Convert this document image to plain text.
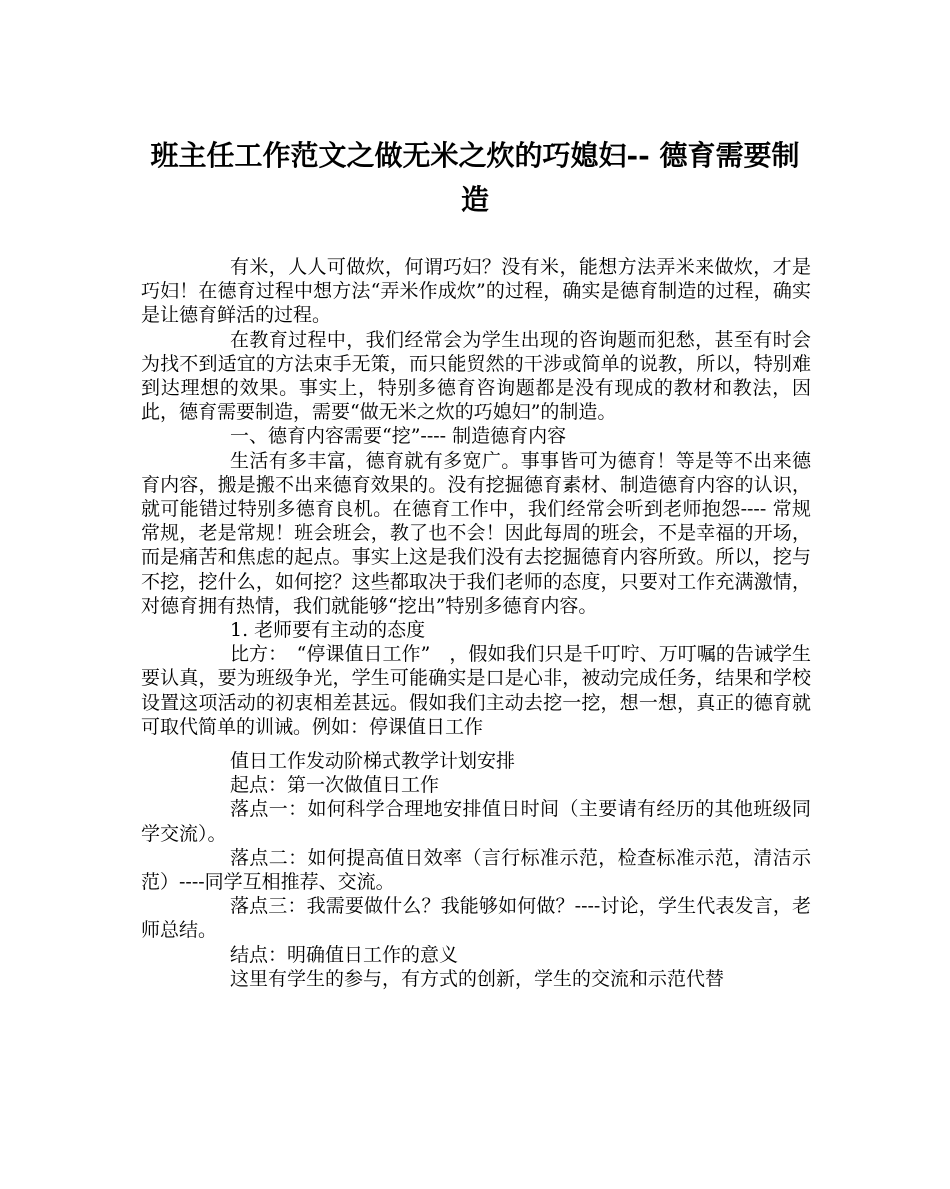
班主任工作范文之做无米之炊的巧媳妇-- 德育需要制
造

有米，人人可做炊，何谓巧妇？没有米，能想方法弄米来做炊，才是巧妇！在德育过程中想方法“弄米作成炊”的过程，确实是德育制造的过程，确实是让德育鲜活的过程。

在教育过程中，我们经常会为学生出现的咨询题而犯愁，甚至有时会为找不到适宜的方法束手无策，而只能贸然的干涉或简单的说教，所以，特别难到达理想的效果。事实上，特别多德育咨询题都是没有现成的教材和教法，因此，德育需要制造，需要“做无米之炊的巧媳妇”的制造。

一、德育内容需要“挖”---- 制造德育内容

生活有多丰富，德育就有多宽广。事事皆可为德育！等是等不出来德育内容，搬是搬不出来德育效果的。没有挖掘德育素材、制造德育内容的认识，就可能错过特别多德育良机。在德育工作中，我们经常会听到老师抱怨---- 常规常规，老是常规！班会班会，教了也不会！因此每周的班会，不是幸福的开场，而是痛苦和焦虑的起点。事实上这是我们没有去挖掘德育内容所致。所以，挖与不挖，挖什么，如何挖？这些都取决于我们老师的态度，只要对工作充满激情，对德育拥有热情，我们就能够“挖出”特别多德育内容。

1. 老师要有主动的态度

比方：　“停课值日工作”　，假如我们只是千叮咛、万叮嘱的告诫学生要认真，要为班级争光，学生可能确实是口是心非，被动完成任务，结果和学校设置这项活动的初衷相差甚远。假如我们主动去挖一挖，想一想，真正的德育就可取代简单的训诫。例如：停课值日工作

值日工作发动阶梯式教学计划安排

起点：第一次做值日工作

落点一：如何科学合理地安排值日时间（主要请有经历的其他班级同学交流）。

落点二：如何提高值日效率（言行标准示范，检查标准示范，清洁示范）----同学互相推荐、交流。

落点三：我需要做什么？我能够如何做？----讨论，学生代表发言，老师总结。

结点：明确值日工作的意义

这里有学生的参与，有方式的创新，学生的交流和示范代替
